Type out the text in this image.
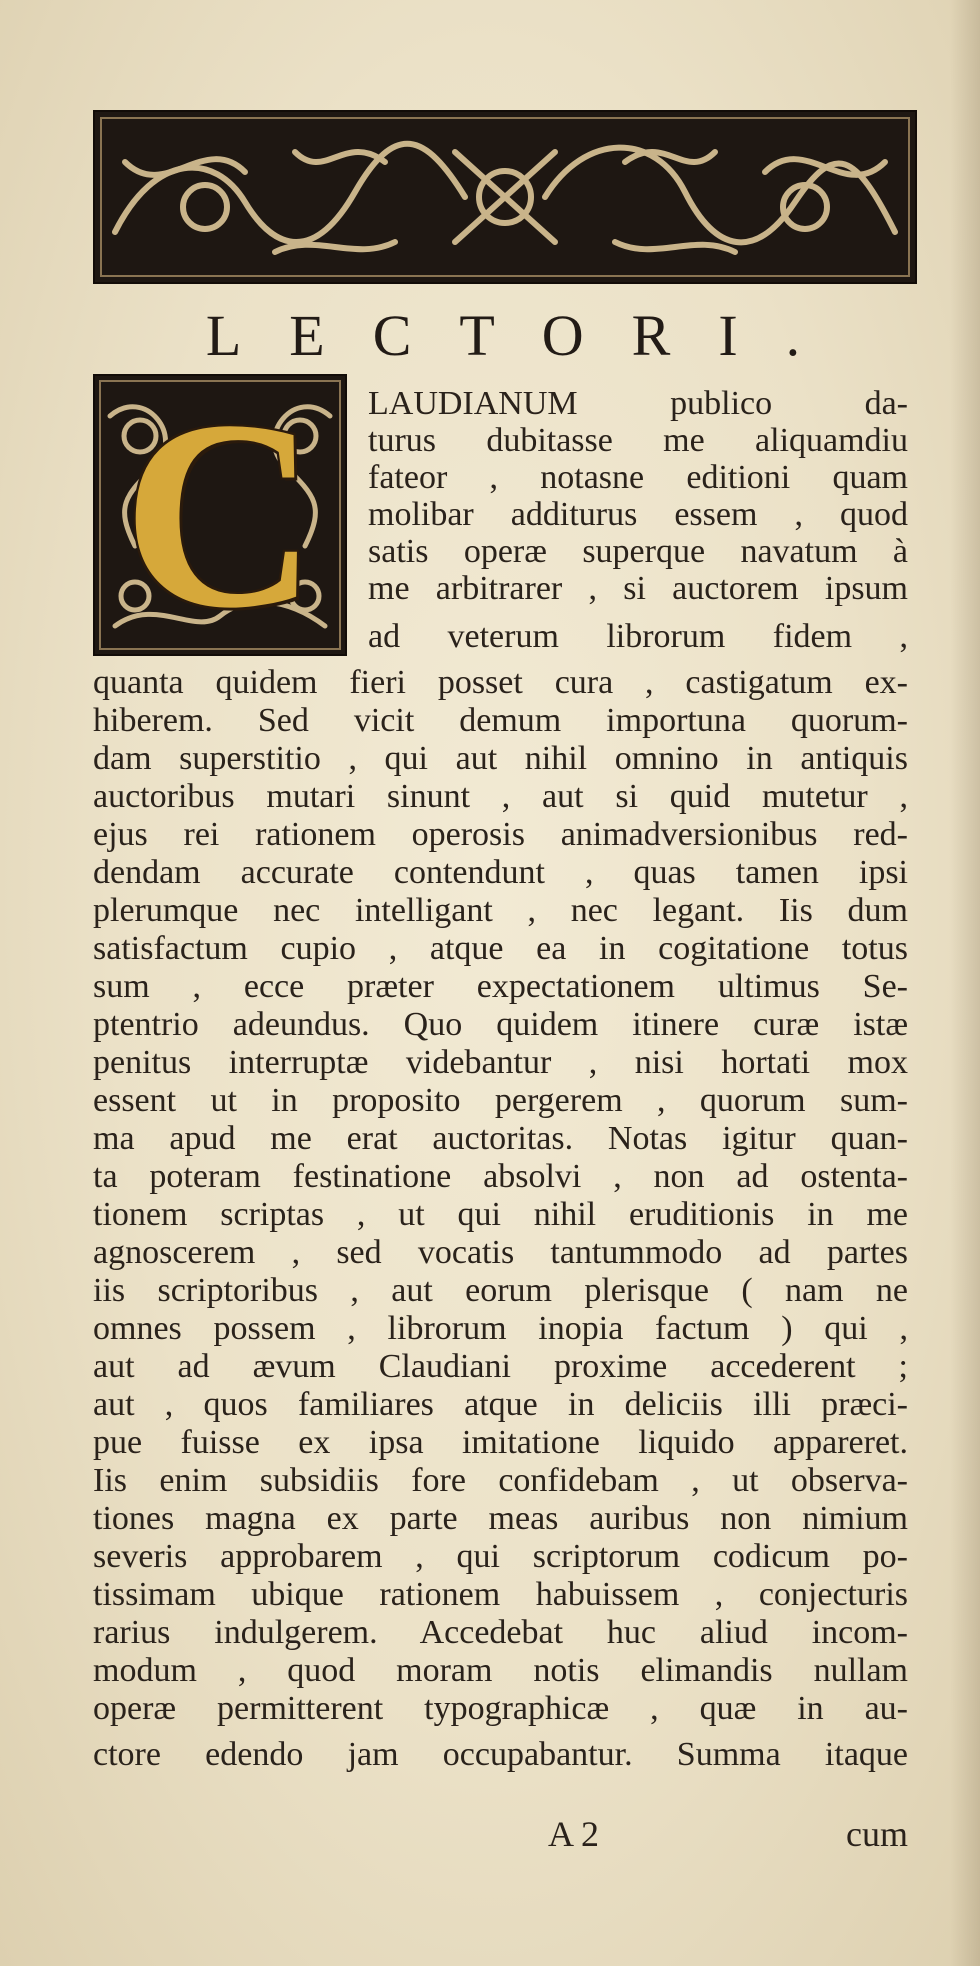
LECTORI.
C	LAUDIANUM publico da-
turus dubitasse me aliquamdiu
fateor , notasne editioni quam
molibar additurus essem , quod
satis operæ superque navatum à
me arbitrarer , si auctorem ipsum
ad veterum librorum fidem ,
quanta quidem fieri posset cura , castigatum ex-
hiberem. Sed vicit demum importuna quorum-
dam superstitio , qui aut nihil omnino in antiquis
auctoribus mutari sinunt , aut si quid mutetur ,
ejus rei rationem operosis animadversionibus red-
dendam accurate contendunt , quas tamen ipsi
plerumque nec intelligant , nec legant. Iis dum
satisfactum cupio , atque ea in cogitatione totus
sum , ecce præter expectationem ultimus Se-
ptentrio adeundus. Quo quidem itinere curæ istæ
penitus interruptæ videbantur , nisi hortati mox
essent ut in proposito pergerem , quorum sum-
ma apud me erat auctoritas. Notas igitur quan-
ta poteram festinatione absolvi , non ad ostenta-
tionem scriptas , ut qui nihil eruditionis in me
agnoscerem , sed vocatis tantummodo ad partes
iis scriptoribus , aut eorum plerisque ( nam ne
omnes possem , librorum inopia factum ) qui ,
aut ad ævum Claudiani proxime accederent ;
aut , quos familiares atque in deliciis illi præci-
pue fuisse ex ipsa imitatione liquido appareret.
Iis enim subsidiis fore confidebam , ut observa-
tiones magna ex parte meas auribus non nimium
severis approbarem , qui scriptorum codicum po-
tissimam ubique rationem habuissem , conjecturis
rarius indulgerem. Accedebat huc aliud incom-
modum , quod moram notis elimandis nullam
operæ permitterent typographicæ , quæ in au-
ctore edendo jam occupabantur. Summa itaque
A 2	cum
